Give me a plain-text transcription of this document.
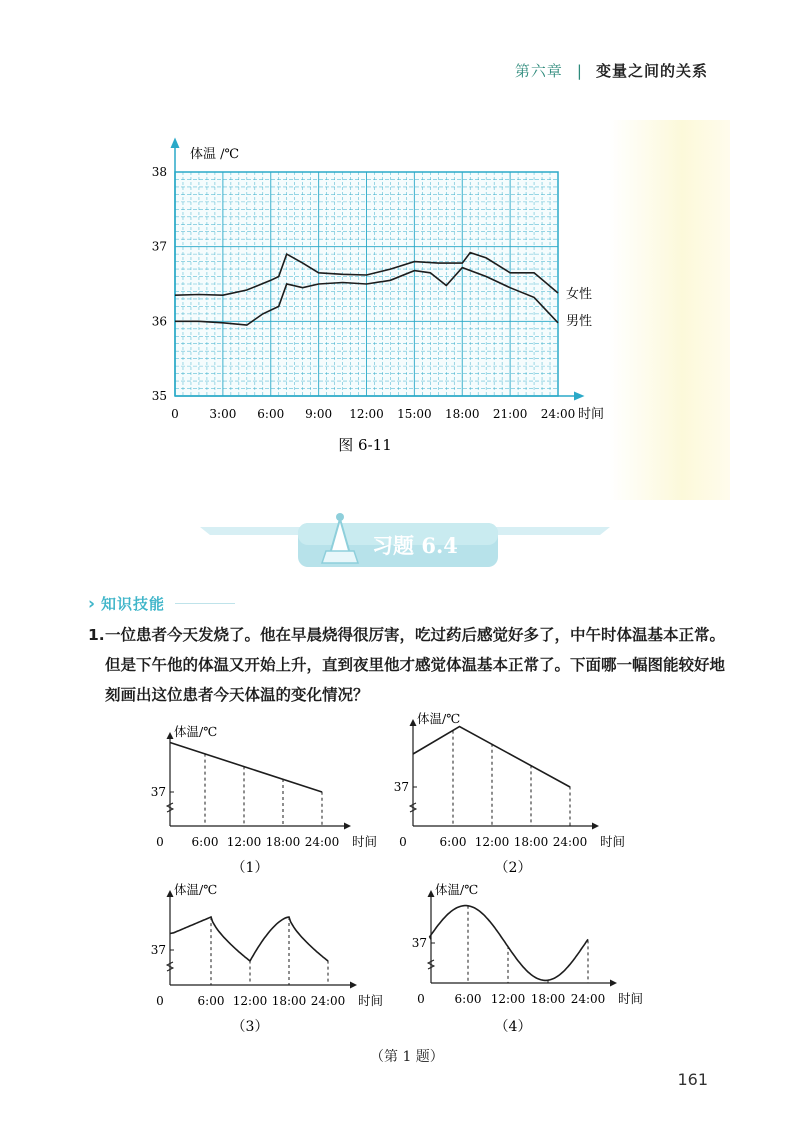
第六章 | 变量之间的关系
35
36
37
38
0	3:00 6:00 9:00 12:00 15:00 18:00 21:00 24:00
体温 /℃
时间
女性
男性
图 6-11
习题 6.4
› 知识技能
1. 一位患者今天发烧了。他在早晨烧得很厉害，吃过药后感觉好多了，中午时体温基本正常。但是下午他的体温又开始上升，直到夜里他才感觉体温基本正常了。下面哪一幅图能较好地刻画出这位患者今天体温的变化情况？
37
体温/℃
时间
0 6:00 12:00 18:00 24:00
（1）
37
体温/℃
时间
0	6:00 12:00 18:00 24:00
（2）
37
体温/℃
时间
0	6:00 12:00 18:00 24:00
（3）
37
体温/℃
时间
0 6:00 12:00 18:00 24:00
（4）
（第 1 题）
161
